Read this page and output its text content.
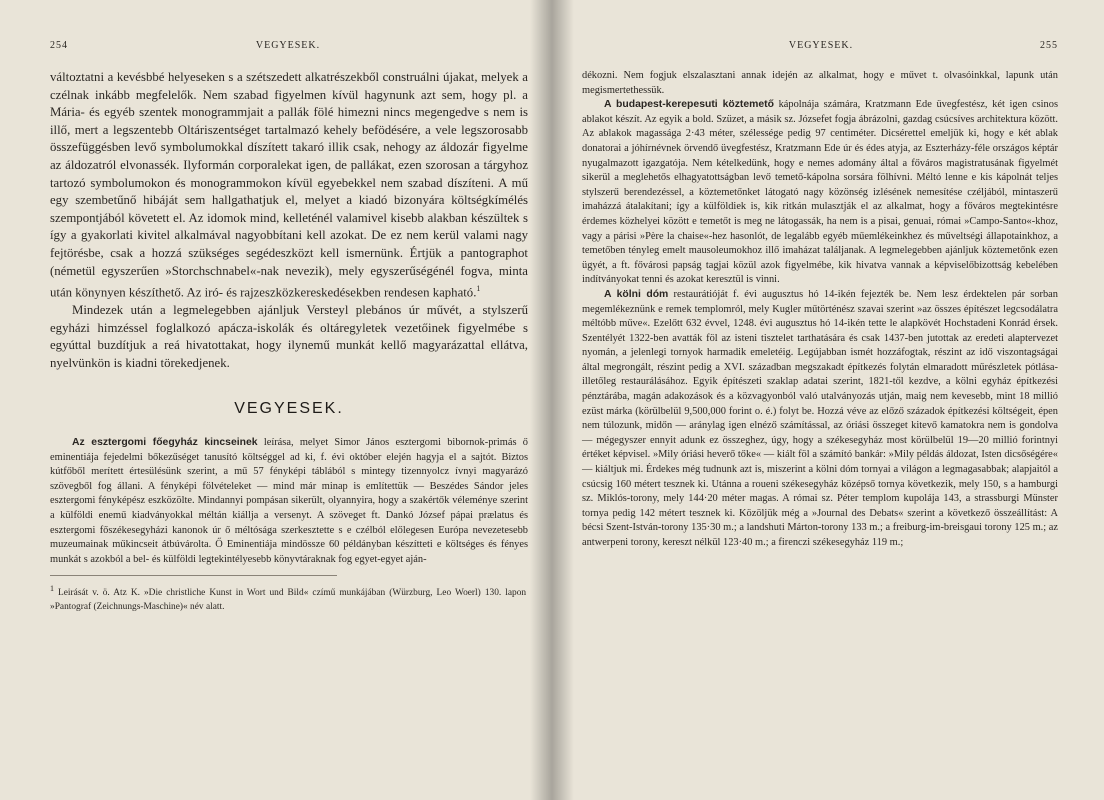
254	VEGYESEK.

változtatni a kevésbbé helyeseken s a szétszedett alkatrészekből construálni újakat, melyek a czélnak inkább megfelelők. Nem szabad figyelmen kívül hagynunk azt sem, hogy pl. a Mária- és egyéb szentek monogrammjait a pallák fölé himezni nincs megengedve s nem is illő, mert a legszentebb Oltáriszentséget tartalmazó kehely befödésére, a vele legszorosabb összefüggésben levő symbolumokkal díszített takaró illik csak, nehogy az áldozár figyelme az áldozatról elvonassék. Ilyformán corporalekat igen, de pallákat, ezen szorosan a tárgyhoz tartozó symbolumokon és monogrammokon kívül egyebekkel nem szabad díszíteni. A mű egy szembetűnő hibáját sem hallgathatjuk el, melyet a kiadó bizonyára költségkímélés szempontjából követett el. Az idomok mind, kelleténél valamivel kisebb alakban készültek s így a gyakorlati kivitel alkalmával nagyobbítani kell azokat. De ez nem kerül valami nagy fejtörésbe, csak a hozzá szükséges segédeszközt kell ismernünk. Értjük a pantographot (németül egyszerűen »Storchschnabel«-nak nevezik), mely egyszerűségénél fogva, minta után könynyen készíthető. Az iró- és rajzeszközkereskedésekben rendesen kapható.$^1$

Mindezek után a legmelegebben ajánljuk Versteyl plebános úr művét, a stylszerű egyházi himzéssel foglalkozó apácza-iskolák és oltáregyletek vezetőinek figyelmébe s egyúttal buzdítjuk a reá hivatottakat, hogy ilynemű munkát kellő magyarázattal ellátva, nyelvünkön is kiadni törekedjenek.

VEGYESEK.

Az esztergomi főegyház kincseinek leírása, melyet Simor János esztergomi bibornok-primás ő eminentiája fejedelmi bőkezűséget tanusító költséggel ad ki, f. évi október elején hagyja el a sajtót. Biztos kútfőből merített értesülésünk szerint, a mű 57 fényképi táblából s mintegy tizennyolcz ívnyi magyarázó szövegből fog állani. A fényképi fölvételeket — mind már minap is említettük — Beszédes Sándor jeles esztergomi fényképész eszközölte. Mindannyi pompásan sikerült, olyannyira, hogy a szakértők véleménye szerint a külföldi enemű kiadványokkal méltán kiállja a versenyt. A szöveget ft. Dankó József pápai prælatus és esztergomi főszékesegyházi kanonok úr ő méltósága szerkesztette s e czélból előlegesen Európa nevezetesebb muzeumainak műkincseit átbúvárolta. Ő Eminentiája mindössze 60 példányban készítteti e költséges és fényes munkát s azokból a bel- és külföldi legtekintélyesebb könyvtáraknak fog egyet-egyet aján-

1 Leirását v. ö. Atz K. »Die christliche Kunst in Wort und Bild« czímű munkájában (Würzburg, Leo Woerl) 130. lapon »Pantograf (Zeichnungs-Maschine)« név alatt.
VEGYESEK.	255

dékozni. Nem fogjuk elszalasztani annak idején az alkalmat, hogy e művet t. olvasóinkkal, lapunk után megismertethessük.

A budapest-kerepesuti köztemető kápolnája számára, Kratzmann Ede üvegfestész, két igen csinos ablakot készít. Az egyik a bold. Szüzet, a másik sz. Józsefet fogja ábrázolni, gazdag csúcsíves architektura között. Az ablakok magassága 2·43 méter, szélessége pedig 97 centiméter. Dicsérettel emeljük ki, hogy e két ablak donatorai a jóhírnévnek örvendő üvegfestész, Kratzmann Ede úr és édes atyja, az Eszterházy-féle országos képtár nyugalmazott igazgatója. Nem kételkedünk, hogy e nemes adomány által a főváros magistratusának figyelmét sikerül a meglehetős elhagyatottságban levő temető-kápolna sorsára fölhívni. Méltó lenne e kis kápolnát teljes stylszerű berendezéssel, a köztemetőnket látogató nagy közönség izlésének nemesítése czéljából, mintaszerű imaházzá átalakítani; így a külföldiek is, kik ritkán mulasztják el az alkalmat, hogy a főváros megtekintésre érdemes közhelyei között e temetőt is meg ne látogassák, ha nem is a pisai, genuai, római »Campo-Santo«-khoz, vagy a párisi »Père la chaise«-hez hasonlót, de legalább egyéb műemlékeinkhez és műveltségi állapotainkhoz, a temetőben tényleg emelt mausoleumokhoz illő imaházat találjanak. A legmelegebben ajánljuk köztemetőnk ezen ügyét, a ft. fővárosi papság tagjai közül azok figyelmébe, kik hivatva vannak a képviselőbizottság kebelében indítványokat tenni és azokat keresztül is vinni.

A kölni dóm restaurátióját f. évi augusztus hó 14-ikén fejezték be. Nem lesz érdektelen pár sorban megemlékeznünk e remek templomról, mely Kugler műtörténész szavai szerint »az összes építészet legcsodálatra méltóbb műve«. Ezelőtt 632 évvel, 1248. évi augusztus hó 14-ikén tette le alapkövét Hochstadeni Konrád érsek. Szentélyét 1322-ben avatták föl az isteni tisztelet tarthatására és csak 1437-ben jutottak az eredeti alaptervezet nyomán, a jelenlegi tornyok harmadik emeletéig. Legújabban ismét hozzáfogtak, részint az idő viszontagságai által megrongált, részint pedig a XVI. században megszakadt építkezés folytán elmaradott műrészletek pótlása- illetőleg restaurálásához. Egyik építészeti szaklap adatai szerint, 1821-től kezdve, a kölni egyház építkezési pénztárába, magán adakozások és a közvagyonból való utalványozás utján, maig nem kevesebb, mint 18 millió ezüst márka (körülbelül 9,500,000 forint o. é.) folyt be. Hozzá véve az előző századok építkezési költségeit, épen nem túlozunk, midőn — aránylag igen elnéző számítással, az óriási összeget kitevő kamatokra nem is gondolva — mégegyszer ennyit adunk ez összeghez, úgy, hogy a székesegyház most körülbelül 19—20 millió forintnyi értéket képvisel. »Mily óriási heverő tőke« — kiált föl a számító bankár: »Mily példás áldozat, Isten dicsőségére« — kiáltjuk mi. Érdekes még tudnunk azt is, miszerint a kölni dóm tornyai a világon a legmagasabbak; alapjaitól a csúcsig 160 métert tesznek ki. Utánna a roueni székesegyház középső tornya következik, mely 150, s a hamburgi sz. Miklós-torony, mely 144·20 méter magas. A római sz. Péter templom kupolája 143, a strassburgi Münster tornya pedig 142 métert tesznek ki. Közöljük még a »Journal des Debats« szerint a következő összeállítást: A bécsi Szent-István-torony 135·30 m.; a landshuti Márton-torony 133 m.; a freiburg-im-breisgaui torony 125 m.; az antwerpeni torony, kereszt nélkül 123·40 m.; a firenczi székesegyház 119 m.;
